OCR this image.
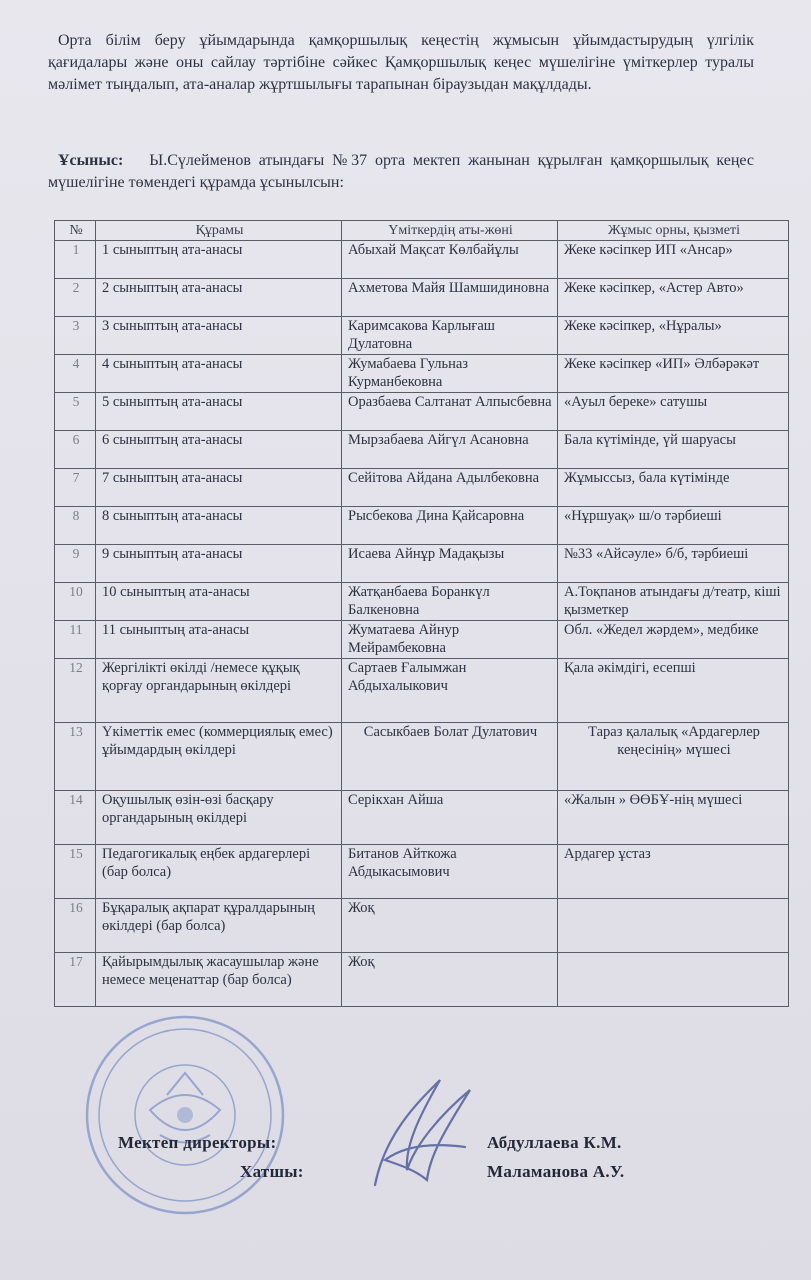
Орта білім беру ұйымдарында қамқоршылық кеңестің жұмысын ұйымдастырудың үлгілік қағидалары және оны сайлау тәртібіне сәйкес Қамқоршылық кеңес мүшелігіне үміткерлер туралы мәлімет тыңдалып, ата-аналар жұртшылығы тарапынан біраузыдан мақұлдады.
Ұсыныс: Ы.Сүлейменов атындағы №37 орта мектеп жанынан құрылған қамқоршылық кеңес мүшелігіне төмендегі құрамда ұсынылсын:
№	Құрамы	Үміткердің аты-жөні	Жұмыс орны, қызметі
1	1 сыныптың ата-анасы	Абыхай Мақсат Көлбайұлы	Жеке кәсіпкер ИП «Ансар»
2	2 сыныптың ата-анасы	Ахметова Майя Шамшидиновна	Жеке кәсіпкер, «Астер Авто»
3	3 сыныптың ата-анасы	Каримсакова Карлығаш Дулатовна	Жеке кәсіпкер, «Нұралы»
4	4 сыныптың ата-анасы	Жумабаева Гульназ Курманбековна	Жеке кәсіпкер «ИП» Әлбәрәкәт
5	5 сыныптың ата-анасы	Оразбаева Салтанат Алпысбевна	«Ауыл береке» сатушы
6	6 сыныптың ата-анасы	Мырзабаева Айгүл Асановна	Бала күтімінде, үй шаруасы
7	7 сыныптың ата-анасы	Сейітова Айдана Адылбековна	Жұмыссыз, бала күтімінде
8	8 сыныптың ата-анасы	Рысбекова Дина Қайсаровна	«Нұршуақ» ш/о тәрбиеші
9	9 сыныптың ата-анасы	Исаева Айнұр Мадақызы	№33 «Айсәуле» б/б, тәрбиеші
10	10 сыныптың ата-анасы	Жатқанбаева Боранкүл Балкеновна	А.Тоқпанов атындағы д/театр, кіші қызметкер
11	11 сыныптың ата-анасы	Жуматаева Айнур Мейрамбековна	Обл. «Жедел жәрдем», медбике
12	Жергілікті өкілді /немесе құқық қорғау органдарының өкілдері	Сартаев Ғалымжан Абдыхалыкович	Қала әкімдігі, есепші
13	Үкіметтік емес (коммерциялық емес) ұйымдардың өкілдері	Сасыкбаев Болат Дулатович	Тараз қалалық «Ардагерлер кеңесінің» мүшесі
14	Оқушылық өзін-өзі басқару органдарының өкілдері	Серікхан Айша	«Жалын » ӨӨБҰ-нің мүшесі
15	Педагогикалық еңбек ардагерлері (бар болса)	Битанов Айткожа Абдыкасымович	Ардагер ұстаз
16	Бұқаралық ақпарат құралдарының өкілдері (бар болса)	Жоқ	
17	Қайырымдылық жасаушылар және немесе меценаттар (бар болса)	Жоқ	
Мектеп директоры:	Абдуллаева К.М.
Хатшы:	Маламанова А.У.
